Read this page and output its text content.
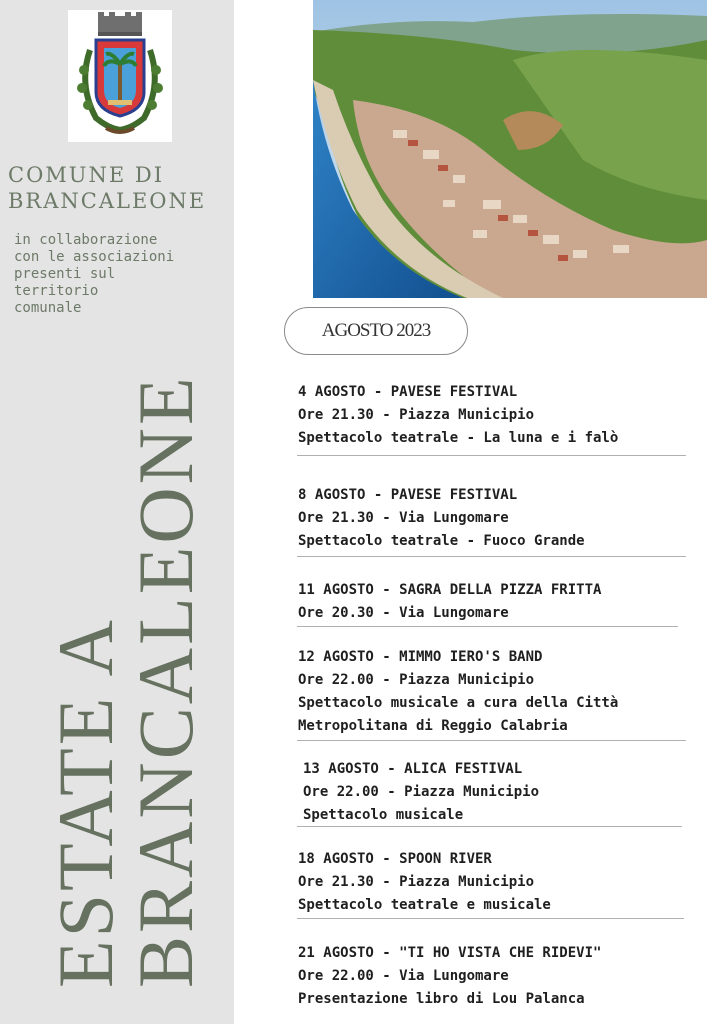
COMUNE DI BRANCALEONE

in collaborazione
con le associazioni
presenti sul
territorio
comunale

ESTATE A
BRANCALEONE
AGOSTO 2023
4 AGOSTO - PAVESE FESTIVAL
Ore 21.30 - Piazza Municipio
Spettacolo teatrale - La luna e i falò
8 AGOSTO - PAVESE FESTIVAL
Ore 21.30 - Via Lungomare
Spettacolo teatrale - Fuoco Grande
11 AGOSTO - SAGRA DELLA PIZZA FRITTA
Ore 20.30 - Via Lungomare
12 AGOSTO - MIMMO IERO'S BAND
Ore 22.00 - Piazza Municipio
Spettacolo musicale a cura della Città
Metropolitana di Reggio Calabria
13 AGOSTO - ALICA FESTIVAL
Ore 22.00 - Piazza Municipio
Spettacolo musicale
18 AGOSTO - SPOON RIVER
Ore 21.30 - Piazza Municipio
Spettacolo teatrale e musicale
21 AGOSTO - "TI HO VISTA CHE RIDEVI"
Ore 22.00 - Via Lungomare
Presentazione libro di Lou Palanca
